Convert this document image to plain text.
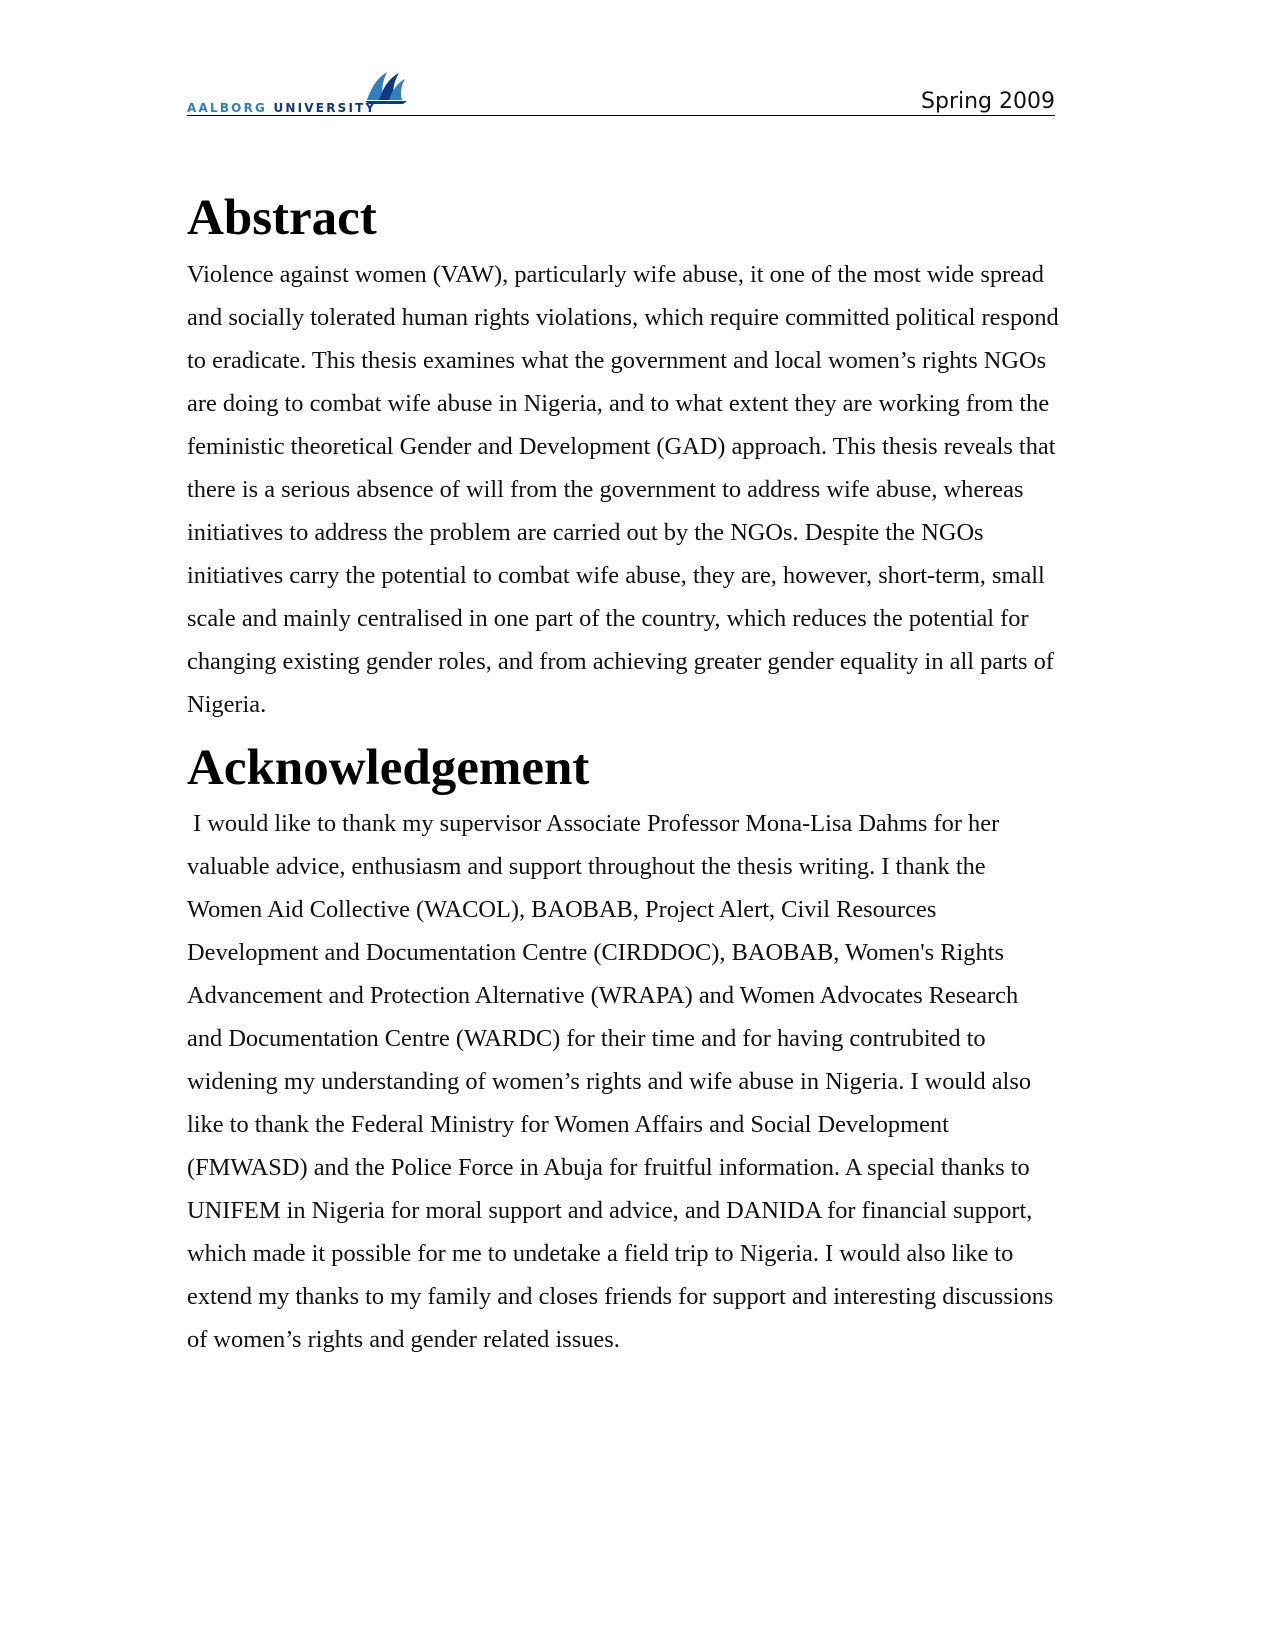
AALBORG UNIVERSITY	Spring 2009
Abstract

Violence against women (VAW), particularly wife abuse, it one of the most wide spread
and socially tolerated human rights violations, which require committed political respond
to eradicate. This thesis examines what the government and local women’s rights NGOs
are doing to combat wife abuse in Nigeria, and to what extent they are working from the
feministic theoretical Gender and Development (GAD) approach. This thesis reveals that
there is a serious absence of will from the government to address wife abuse, whereas
initiatives to address the problem are carried out by the NGOs. Despite the NGOs
initiatives carry the potential to combat wife abuse, they are, however, short-term, small
scale and mainly centralised in one part of the country, which reduces the potential for
changing existing gender roles, and from achieving greater gender equality in all parts of
Nigeria.

Acknowledgement

I would like to thank my supervisor Associate Professor Mona-Lisa Dahms for her
valuable advice, enthusiasm and support throughout the thesis writing. I thank the
Women Aid Collective (WACOL), BAOBAB, Project Alert, Civil Resources
Development and Documentation Centre (CIRDDOC), BAOBAB, Women's Rights
Advancement and Protection Alternative (WRAPA) and Women Advocates Research
and Documentation Centre (WARDC) for their time and for having contrubited to
widening my understanding of women’s rights and wife abuse in Nigeria. I would also
like to thank the Federal Ministry for Women Affairs and Social Development
(FMWASD) and the Police Force in Abuja for fruitful information. A special thanks to
UNIFEM in Nigeria for moral support and advice, and DANIDA for financial support,
which made it possible for me to undetake a field trip to Nigeria. I would also like to
extend my thanks to my family and closes friends for support and interesting discussions
of women’s rights and gender related issues.
